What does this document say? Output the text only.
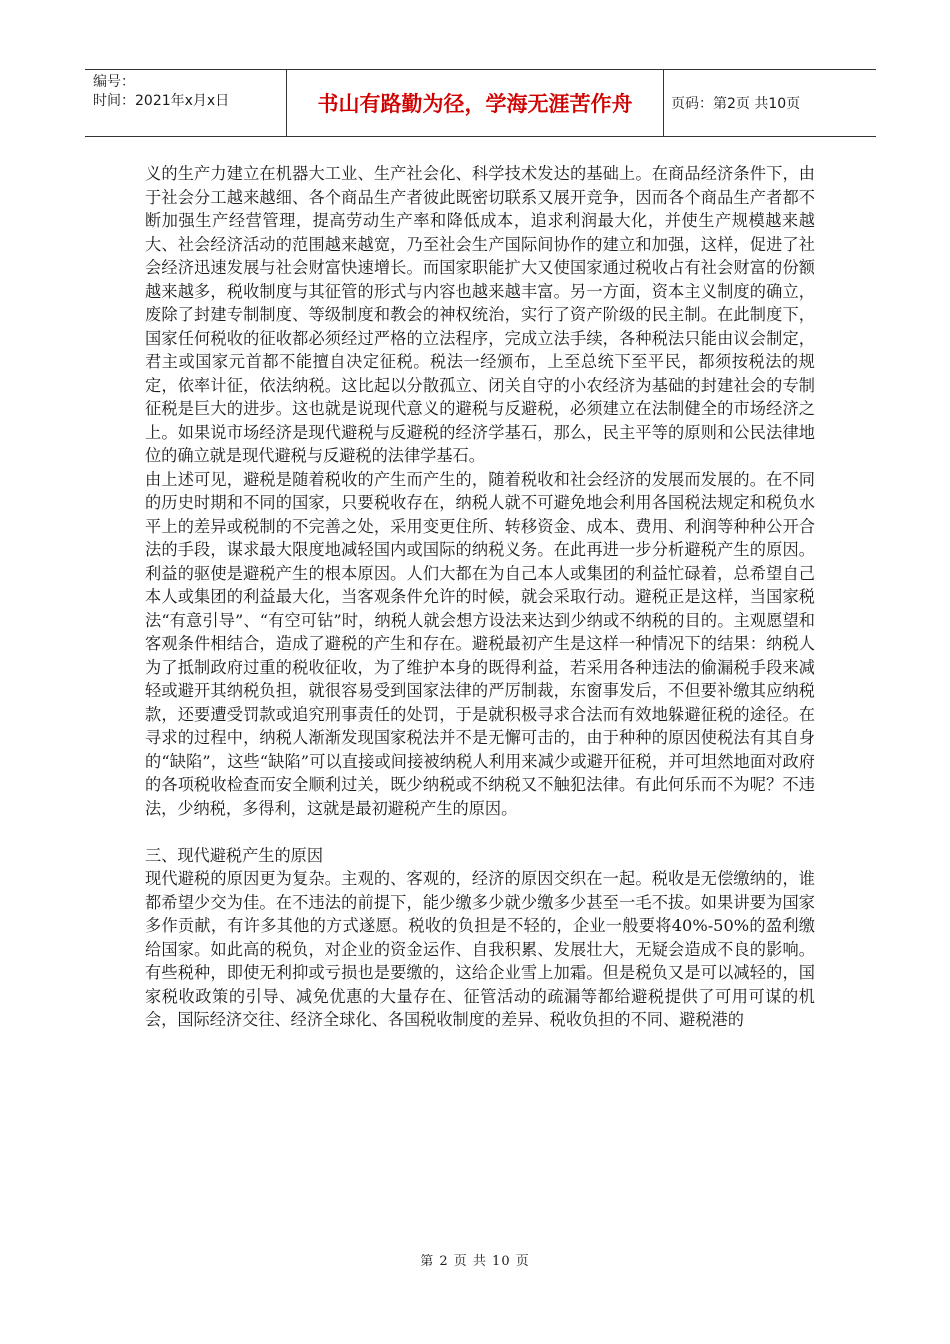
编号：
时间：2021年x月x日	书山有路勤为径，学海无涯苦作舟	页码：第2页 共10页

义的生产力建立在机器大工业、生产社会化、科学技术发达的基础上。在商品经济条件下，由于社会分工越来越细、各个商品生产者彼此既密切联系又展开竞争，因而各个商品生产者都不断加强生产经营管理，提高劳动生产率和降低成本，追求利润最大化，并使生产规模越来越大、社会经济活动的范围越来越宽，乃至社会生产国际间协作的建立和加强，这样，促进了社会经济迅速发展与社会财富快速增长。而国家职能扩大又使国家通过税收占有社会财富的份额越来越多，税收制度与其征管的形式与内容也越来越丰富。另一方面，资本主义制度的确立，废除了封建专制制度、等级制度和教会的神权统治，实行了资产阶级的民主制。在此制度下，国家任何税收的征收都必须经过严格的立法程序，完成立法手续，各种税法只能由议会制定，君主或国家元首都不能擅自决定征税。税法一经颁布，上至总统下至平民，都须按税法的规定，依率计征，依法纳税。这比起以分散孤立、闭关自守的小农经济为基础的封建社会的专制征税是巨大的进步。这也就是说现代意义的避税与反避税，必须建立在法制健全的市场经济之上。如果说市场经济是现代避税与反避税的经济学基石，那么，民主平等的原则和公民法律地位的确立就是现代避税与反避税的法律学基石。

由上述可见，避税是随着税收的产生而产生的，随着税收和社会经济的发展而发展的。在不同的历史时期和不同的国家，只要税收存在，纳税人就不可避免地会利用各国税法规定和税负水平上的差异或税制的不完善之处，采用变更住所、转移资金、成本、费用、利润等种种公开合法的手段，谋求最大限度地减轻国内或国际的纳税义务。在此再进一步分析避税产生的原因。利益的驱使是避税产生的根本原因。人们大都在为自己本人或集团的利益忙碌着，总希望自己本人或集团的利益最大化，当客观条件允许的时候，就会采取行动。避税正是这样，当国家税法“有意引导”、“有空可钻”时，纳税人就会想方设法来达到少纳或不纳税的目的。主观愿望和客观条件相结合，造成了避税的产生和存在。避税最初产生是这样一种情况下的结果：纳税人为了抵制政府过重的税收征收，为了维护本身的既得利益，若采用各种违法的偷漏税手段来减轻或避开其纳税负担，就很容易受到国家法律的严厉制裁，东窗事发后，不但要补缴其应纳税款，还要遭受罚款或追究刑事责任的处罚，于是就积极寻求合法而有效地躲避征税的途径。在寻求的过程中，纳税人渐渐发现国家税法并不是无懈可击的，由于种种的原因使税法有其自身的“缺陷”，这些“缺陷”可以直接或间接被纳税人利用来减少或避开征税，并可坦然地面对政府的各项税收检查而安全顺利过关，既少纳税或不纳税又不触犯法律。有此何乐而不为呢？不违法，少纳税，多得利，这就是最初避税产生的原因。

三、现代避税产生的原因

现代避税的原因更为复杂。主观的、客观的，经济的原因交织在一起。税收是无偿缴纳的，谁都希望少交为佳。在不违法的前提下，能少缴多少就少缴多少甚至一毛不拔。如果讲要为国家多作贡献，有许多其他的方式遂愿。税收的负担是不轻的，企业一般要将40%-50%的盈利缴给国家。如此高的税负，对企业的资金运作、自我积累、发展壮大，无疑会造成不良的影响。有些税种，即使无利抑或亏损也是要缴的，这给企业雪上加霜。但是税负又是可以减轻的，国家税收政策的引导、减免优惠的大量存在、征管活动的疏漏等都给避税提供了可用可谋的机会，国际经济交往、经济全球化、各国税收制度的差异、税收负担的不同、避税港的

第 2 页 共 10 页
